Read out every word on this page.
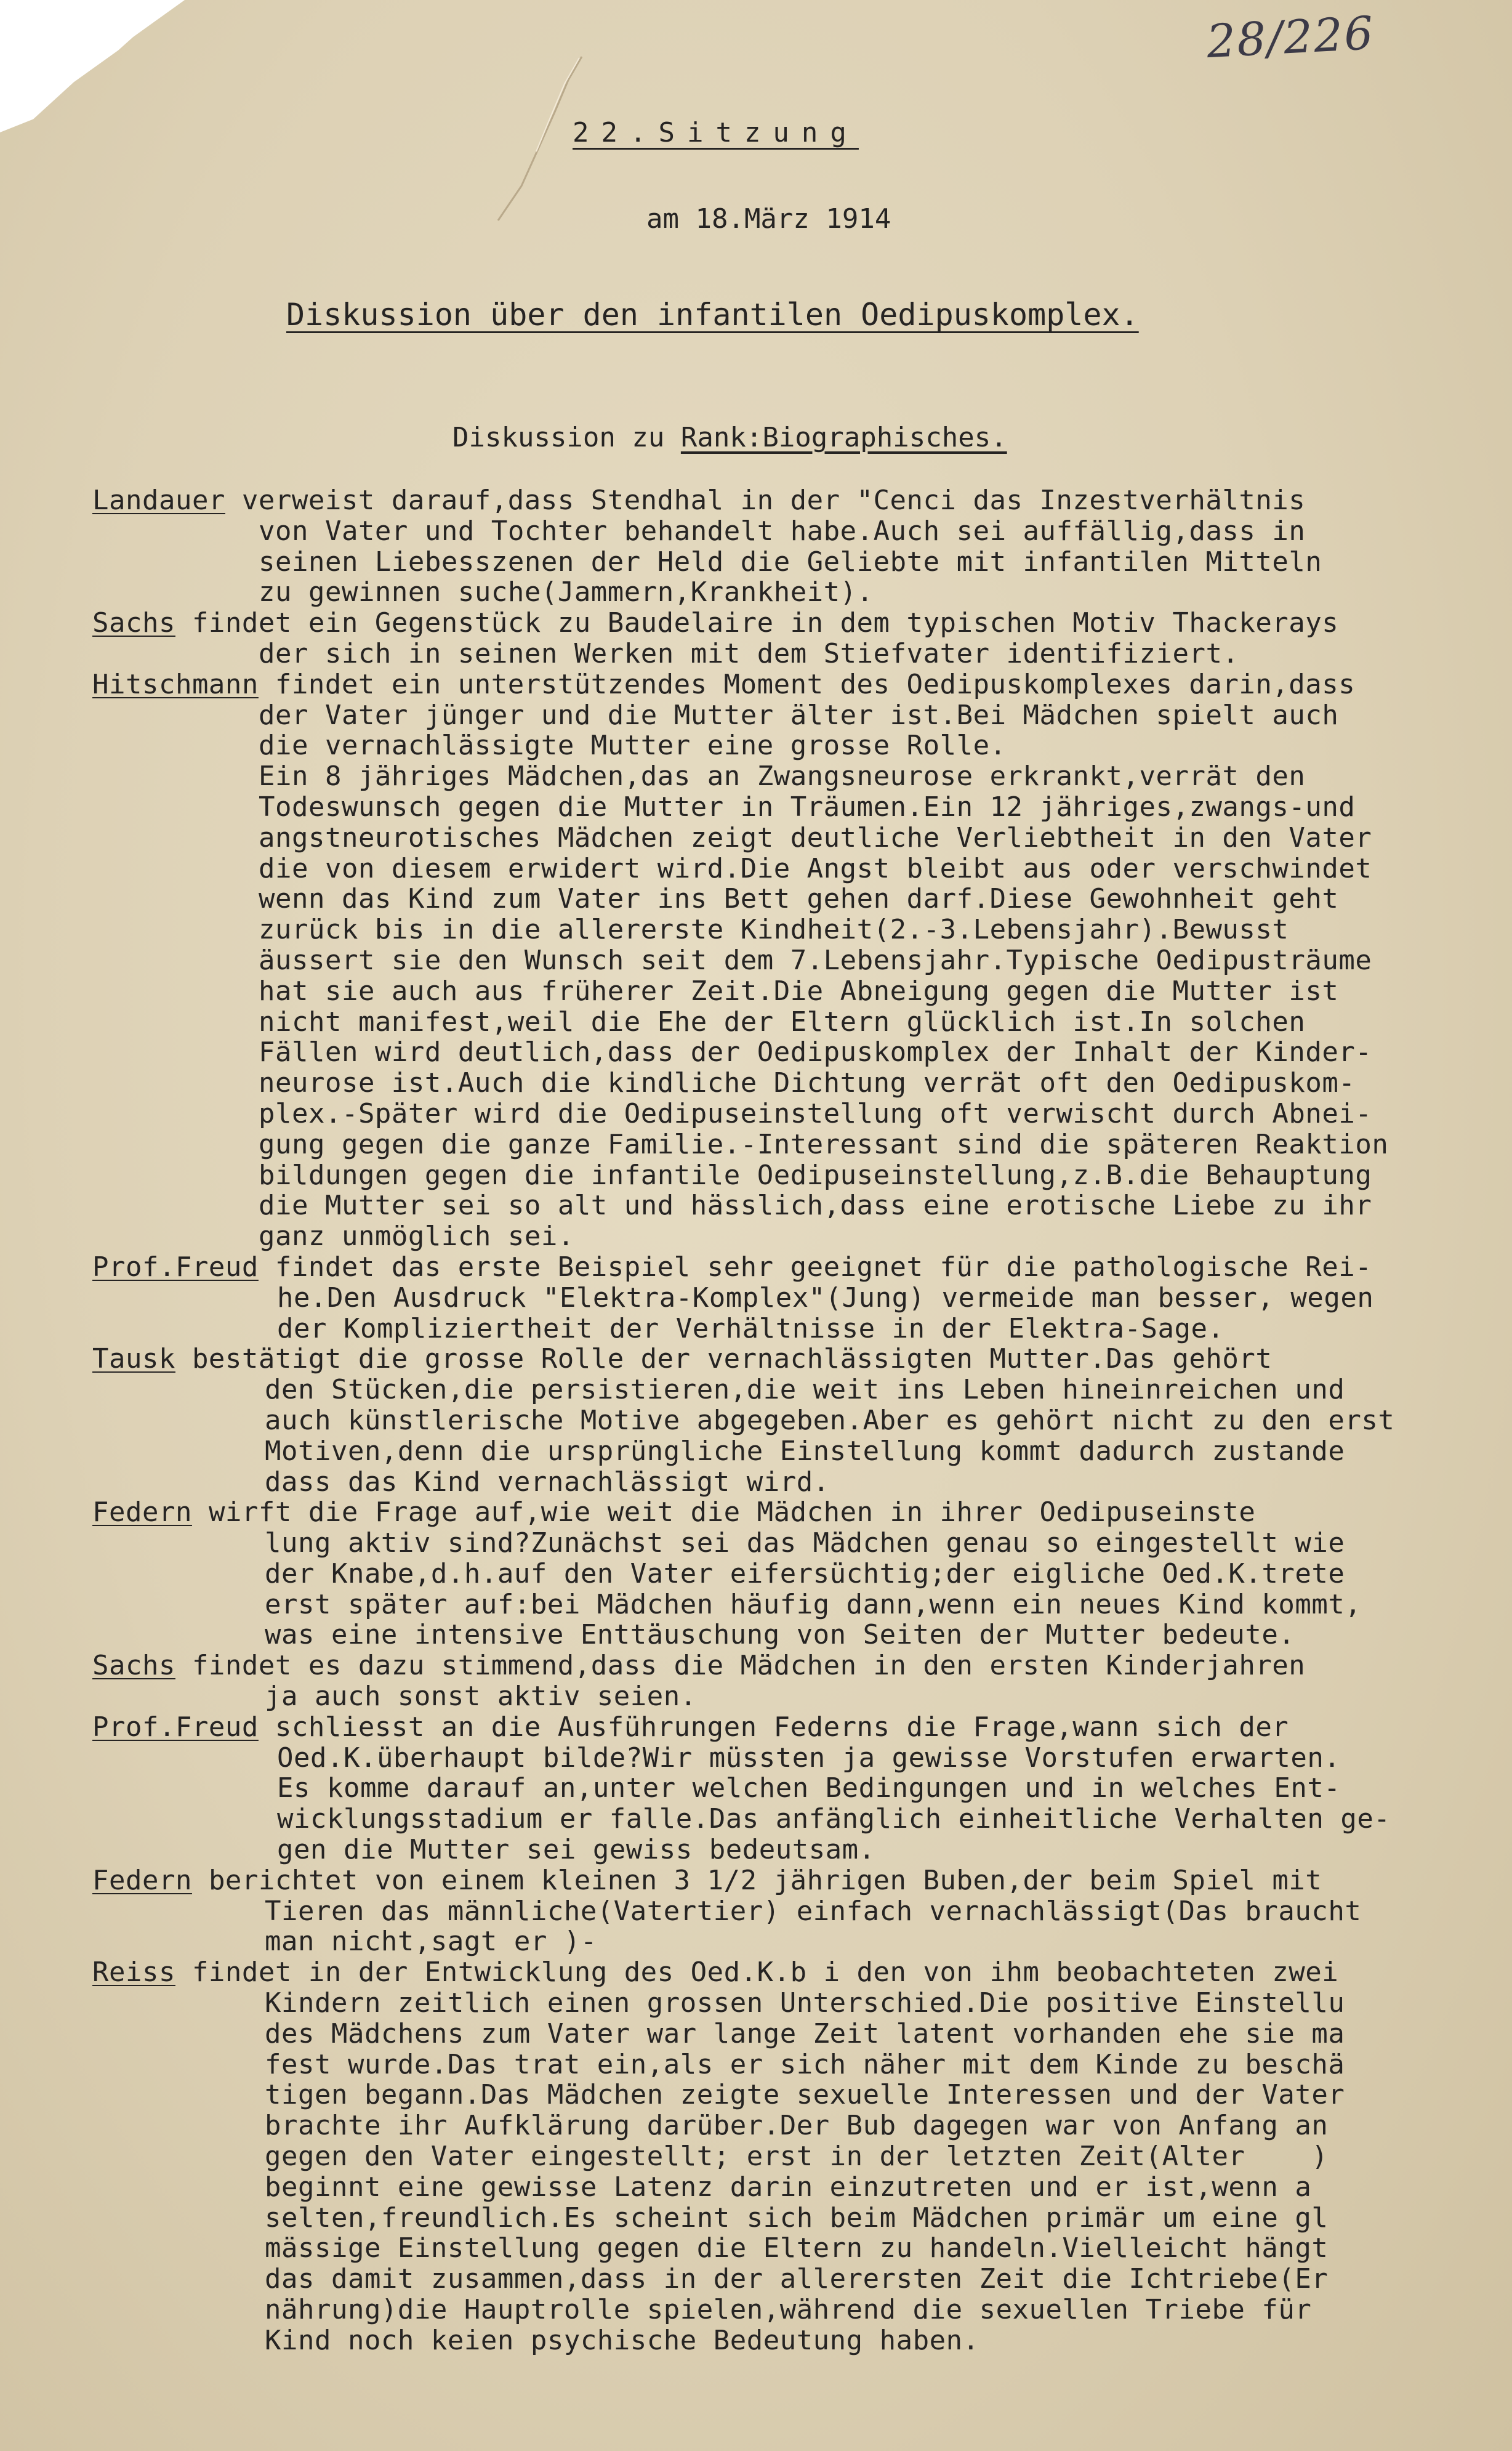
28/226
22.Sitzung
am 18.März 1914
Diskussion über den infantilen Oedipuskomplex.
Diskussion zu Rank:Biographisches.
Landauer verweist darauf,dass Stendhal in der "Cenci das Inzestverhältnis
von Vater und Tochter behandelt habe.Auch sei auffällig,dass in
seinen Liebesszenen der Held die Geliebte mit infantilen Mitteln
zu gewinnen suche(Jammern,Krankheit).
Sachs findet ein Gegenstück zu Baudelaire in dem typischen Motiv Thackerays
der sich in seinen Werken mit dem Stiefvater identifiziert.
Hitschmann findet ein unterstützendes Moment des Oedipuskomplexes darin,dass
der Vater jünger und die Mutter älter ist.Bei Mädchen spielt auch
die vernachlässigte Mutter eine grosse Rolle.
Ein 8 jähriges Mädchen,das an Zwangsneurose erkrankt,verrät den
Todeswunsch gegen die Mutter in Träumen.Ein 12 jähriges,zwangs-und
angstneurotisches Mädchen zeigt deutliche Verliebtheit in den Vater
die von diesem erwidert wird.Die Angst bleibt aus oder verschwindet
wenn das Kind zum Vater ins Bett gehen darf.Diese Gewohnheit geht
zurück bis in die allererste Kindheit(2.-3.Lebensjahr).Bewusst
äussert sie den Wunsch seit dem 7.Lebensjahr.Typische Oedipusträume
hat sie auch aus früherer Zeit.Die Abneigung gegen die Mutter ist
nicht manifest,weil die Ehe der Eltern glücklich ist.In solchen
Fällen wird deutlich,dass der Oedipuskomplex der Inhalt der Kinder-
neurose ist.Auch die kindliche Dichtung verrät oft den Oedipuskom-
plex.-Später wird die Oedipuseinstellung oft verwischt durch Abnei-
gung gegen die ganze Familie.-Interessant sind die späteren Reaktion
bildungen gegen die infantile Oedipuseinstellung,z.B.die Behauptung
die Mutter sei so alt und hässlich,dass eine erotische Liebe zu ihr
ganz unmöglich sei.
Prof.Freud findet das erste Beispiel sehr geeignet für die pathologische Rei-
he.Den Ausdruck "Elektra-Komplex"(Jung) vermeide man besser, wegen
der Kompliziertheit der Verhältnisse in der Elektra-Sage.
Tausk bestätigt die grosse Rolle der vernachlässigten Mutter.Das gehört
den Stücken,die persistieren,die weit ins Leben hineinreichen und
auch künstlerische Motive abgegeben.Aber es gehört nicht zu den erst
Motiven,denn die ursprüngliche Einstellung kommt dadurch zustande
dass das Kind vernachlässigt wird.
Federn wirft die Frage auf,wie weit die Mädchen in ihrer Oedipuseinste
lung aktiv sind?Zunächst sei das Mädchen genau so eingestellt wie
der Knabe,d.h.auf den Vater eifersüchtig;der eigliche Oed.K.trete
erst später auf:bei Mädchen häufig dann,wenn ein neues Kind kommt,
was eine intensive Enttäuschung von Seiten der Mutter bedeute.
Sachs findet es dazu stimmend,dass die Mädchen in den ersten Kinderjahren
ja auch sonst aktiv seien.
Prof.Freud schliesst an die Ausführungen Federns die Frage,wann sich der
Oed.K.überhaupt bilde?Wir müssten ja gewisse Vorstufen erwarten.
Es komme darauf an,unter welchen Bedingungen und in welches Ent-
wicklungsstadium er falle.Das anfänglich einheitliche Verhalten ge-
gen die Mutter sei gewiss bedeutsam.
Federn berichtet von einem kleinen 3 1/2 jährigen Buben,der beim Spiel mit
Tieren das männliche(Vatertier) einfach vernachlässigt(Das braucht
man nicht,sagt er )-
Reiss findet in der Entwicklung des Oed.K.b i den von ihm beobachteten zwei
Kindern zeitlich einen grossen Unterschied.Die positive Einstellu
des Mädchens zum Vater war lange Zeit latent vorhanden ehe sie ma
fest wurde.Das trat ein,als er sich näher mit dem Kinde zu beschä
tigen begann.Das Mädchen zeigte sexuelle Interessen und der Vater
brachte ihr Aufklärung darüber.Der Bub dagegen war von Anfang an
gegen den Vater eingestellt; erst in der letzten Zeit(Alter    )
beginnt eine gewisse Latenz darin einzutreten und er ist,wenn a
selten,freundlich.Es scheint sich beim Mädchen primär um eine gl
mässige Einstellung gegen die Eltern zu handeln.Vielleicht hängt
das damit zusammen,dass in der allerersten Zeit die Ichtriebe(Er
nährung)die Hauptrolle spielen,während die sexuellen Triebe für
Kind noch keien psychische Bedeutung haben.
